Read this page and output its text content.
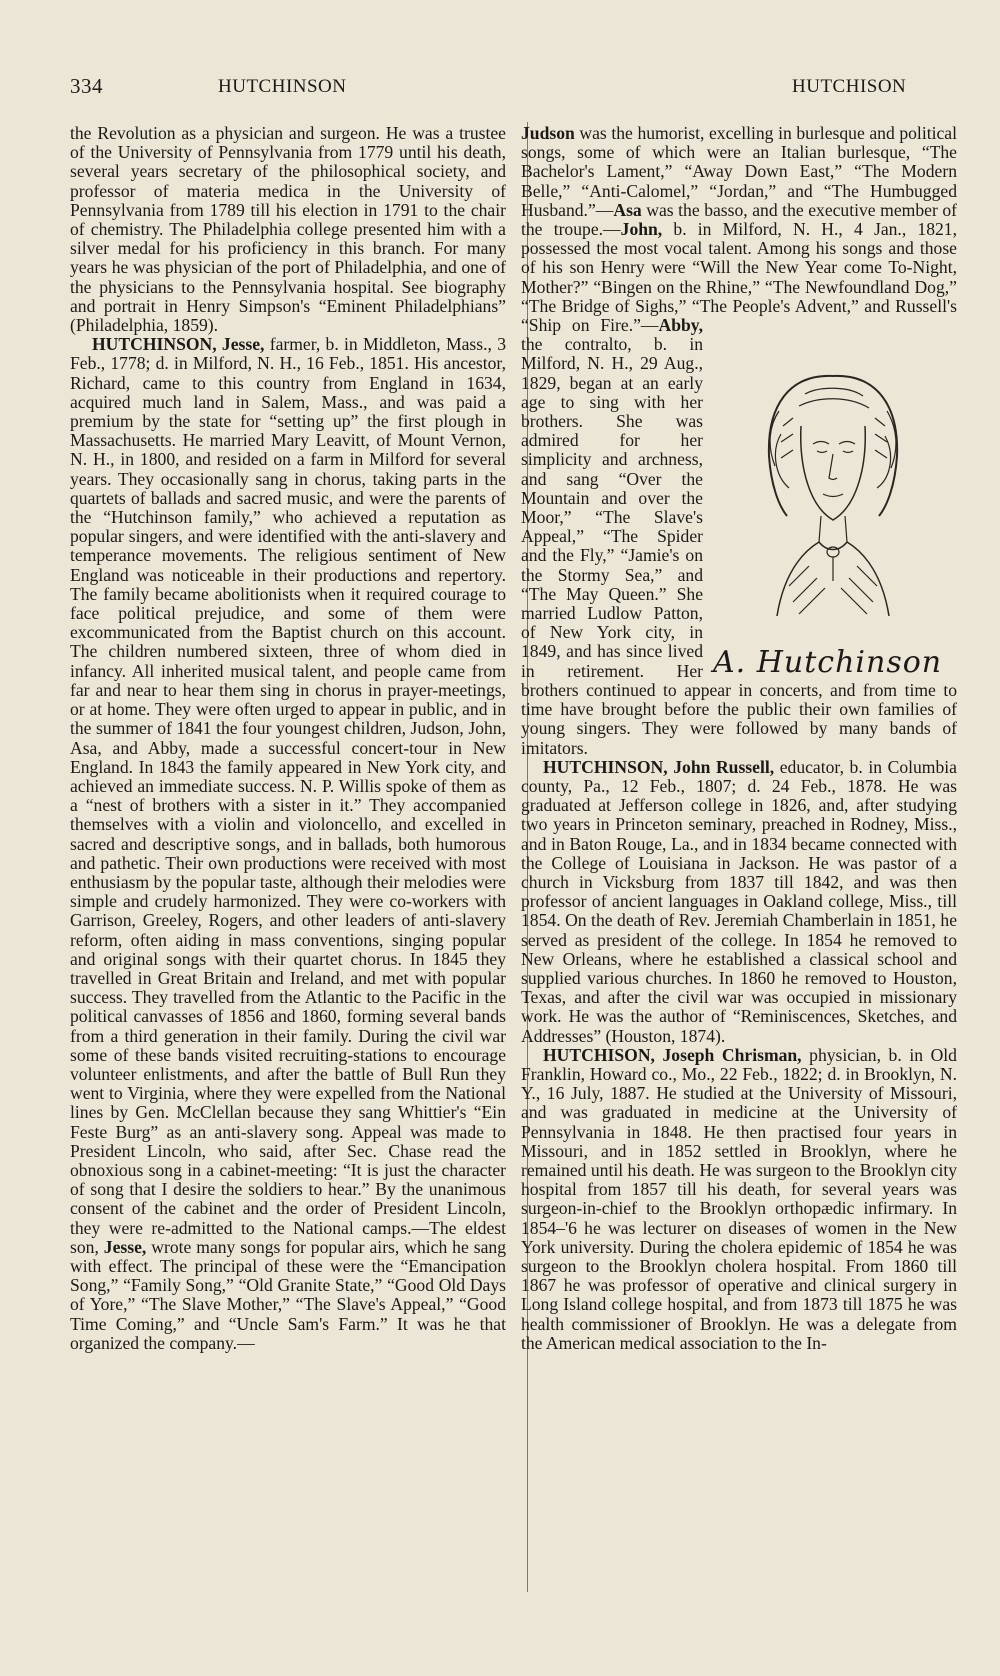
334	HUTCHINSON	HUTCHISON

the Revolution as a physician and surgeon. He was a trustee of the University of Pennsylvania from 1779 until his death, several years secretary of the philosophical society, and professor of materia medica in the University of Pennsylvania from 1789 till his election in 1791 to the chair of chemistry. The Philadelphia college presented him with a silver medal for his proficiency in this branch. For many years he was physician of the port of Philadelphia, and one of the physicians to the Pennsylvania hospital. See biography and portrait in Henry Simpson's “Eminent Philadelphians” (Philadelphia, 1859).

HUTCHINSON, Jesse, farmer, b. in Middleton, Mass., 3 Feb., 1778; d. in Milford, N. H., 16 Feb., 1851. His ancestor, Richard, came to this country from England in 1634, acquired much land in Salem, Mass., and was paid a premium by the state for “setting up” the first plough in Massachusetts. He married Mary Leavitt, of Mount Vernon, N. H., in 1800, and resided on a farm in Milford for several years. They occasionally sang in chorus, taking parts in the quartets of ballads and sacred music, and were the parents of the “Hutchinson family,” who achieved a reputation as popular singers, and were identified with the anti-slavery and temperance movements. The religious sentiment of New England was noticeable in their productions and repertory. The family became abolitionists when it required courage to face political prejudice, and some of them were excommunicated from the Baptist church on this account. The children numbered sixteen, three of whom died in infancy. All inherited musical talent, and people came from far and near to hear them sing in chorus in prayer-meetings, or at home. They were often urged to appear in public, and in the summer of 1841 the four youngest children, Judson, John, Asa, and Abby, made a successful concert-tour in New England. In 1843 the family appeared in New York city, and achieved an immediate success. N. P. Willis spoke of them as a “nest of brothers with a sister in it.” They accompanied themselves with a violin and violoncello, and excelled in sacred and descriptive songs, and in ballads, both humorous and pathetic. Their own productions were received with most enthusiasm by the popular taste, although their melodies were simple and crudely harmonized. They were co-workers with Garrison, Greeley, Rogers, and other leaders of anti-slavery reform, often aiding in mass conventions, singing popular and original songs with their quartet chorus. In 1845 they travelled in Great Britain and Ireland, and met with popular success. They travelled from the Atlantic to the Pacific in the political canvasses of 1856 and 1860, forming several bands from a third generation in their family. During the civil war some of these bands visited recruiting-stations to encourage volunteer enlistments, and after the battle of Bull Run they went to Virginia, where they were expelled from the National lines by Gen. McClellan because they sang Whittier's “Ein Feste Burg” as an anti-slavery song. Appeal was made to President Lincoln, who said, after Sec. Chase read the obnoxious song in a cabinet-meeting: “It is just the character of song that I desire the soldiers to hear.” By the unanimous consent of the cabinet and the order of President Lincoln, they were re-admitted to the National camps.—The eldest son, Jesse, wrote many songs for popular airs, which he sang with effect. The principal of these were the “Emancipation Song,” “Family Song,” “Old Granite State,” “Good Old Days of Yore,” “The Slave Mother,” “The Slave's Appeal,” “Good Time Coming,” and “Uncle Sam's Farm.” It was he that organized the company.—

Judson was the humorist, excelling in burlesque and political songs, some of which were an Italian burlesque, “The Bachelor's Lament,” “Away Down East,” “The Modern Belle,” “Anti-Calomel,” “Jordan,” and “The Humbugged Husband.”—Asa was the basso, and the executive member of the troupe.—John, b. in Milford, N. H., 4 Jan., 1821, possessed the most vocal talent. Among his songs and those of his son Henry were “Will the New Year come To-Night, Mother?” “Bingen on the Rhine,” “The Newfoundland Dog,” “The Bridge of Sighs,” “The People's Advent,” and Russell's “Ship on Fire.”—Abby,
A. Hutchinson
the contralto, b. in Milford, N. H., 29 Aug., 1829, began at an early age to sing with her brothers. She was admired for her simplicity and archness, and sang “Over the Mountain and over the Moor,” “The Slave's Appeal,” “The Spider and the Fly,” “Jamie's on the Stormy Sea,” and “The May Queen.” She married Ludlow Patton, of New York city, in 1849, and has since lived in retirement. Her brothers continued to appear in concerts, and from time to time have brought before the public their own families of young singers. They were followed by many bands of imitators.

HUTCHINSON, John Russell, educator, b. in Columbia county, Pa., 12 Feb., 1807; d. 24 Feb., 1878. He was graduated at Jefferson college in 1826, and, after studying two years in Princeton seminary, preached in Rodney, Miss., and in Baton Rouge, La., and in 1834 became connected with the College of Louisiana in Jackson. He was pastor of a church in Vicksburg from 1837 till 1842, and was then professor of ancient languages in Oakland college, Miss., till 1854. On the death of Rev. Jeremiah Chamberlain in 1851, he served as president of the college. In 1854 he removed to New Orleans, where he established a classical school and supplied various churches. In 1860 he removed to Houston, Texas, and after the civil war was occupied in missionary work. He was the author of “Reminiscences, Sketches, and Addresses” (Houston, 1874).

HUTCHISON, Joseph Chrisman, physician, b. in Old Franklin, Howard co., Mo., 22 Feb., 1822; d. in Brooklyn, N. Y., 16 July, 1887. He studied at the University of Missouri, and was graduated in medicine at the University of Pennsylvania in 1848. He then practised four years in Missouri, and in 1852 settled in Brooklyn, where he remained until his death. He was surgeon to the Brooklyn city hospital from 1857 till his death, for several years was surgeon-in-chief to the Brooklyn orthopædic infirmary. In 1854–'6 he was lecturer on diseases of women in the New York university. During the cholera epidemic of 1854 he was surgeon to the Brooklyn cholera hospital. From 1860 till 1867 he was professor of operative and clinical surgery in Long Island college hospital, and from 1873 till 1875 he was health commissioner of Brooklyn. He was a delegate from the American medical association to the In-
